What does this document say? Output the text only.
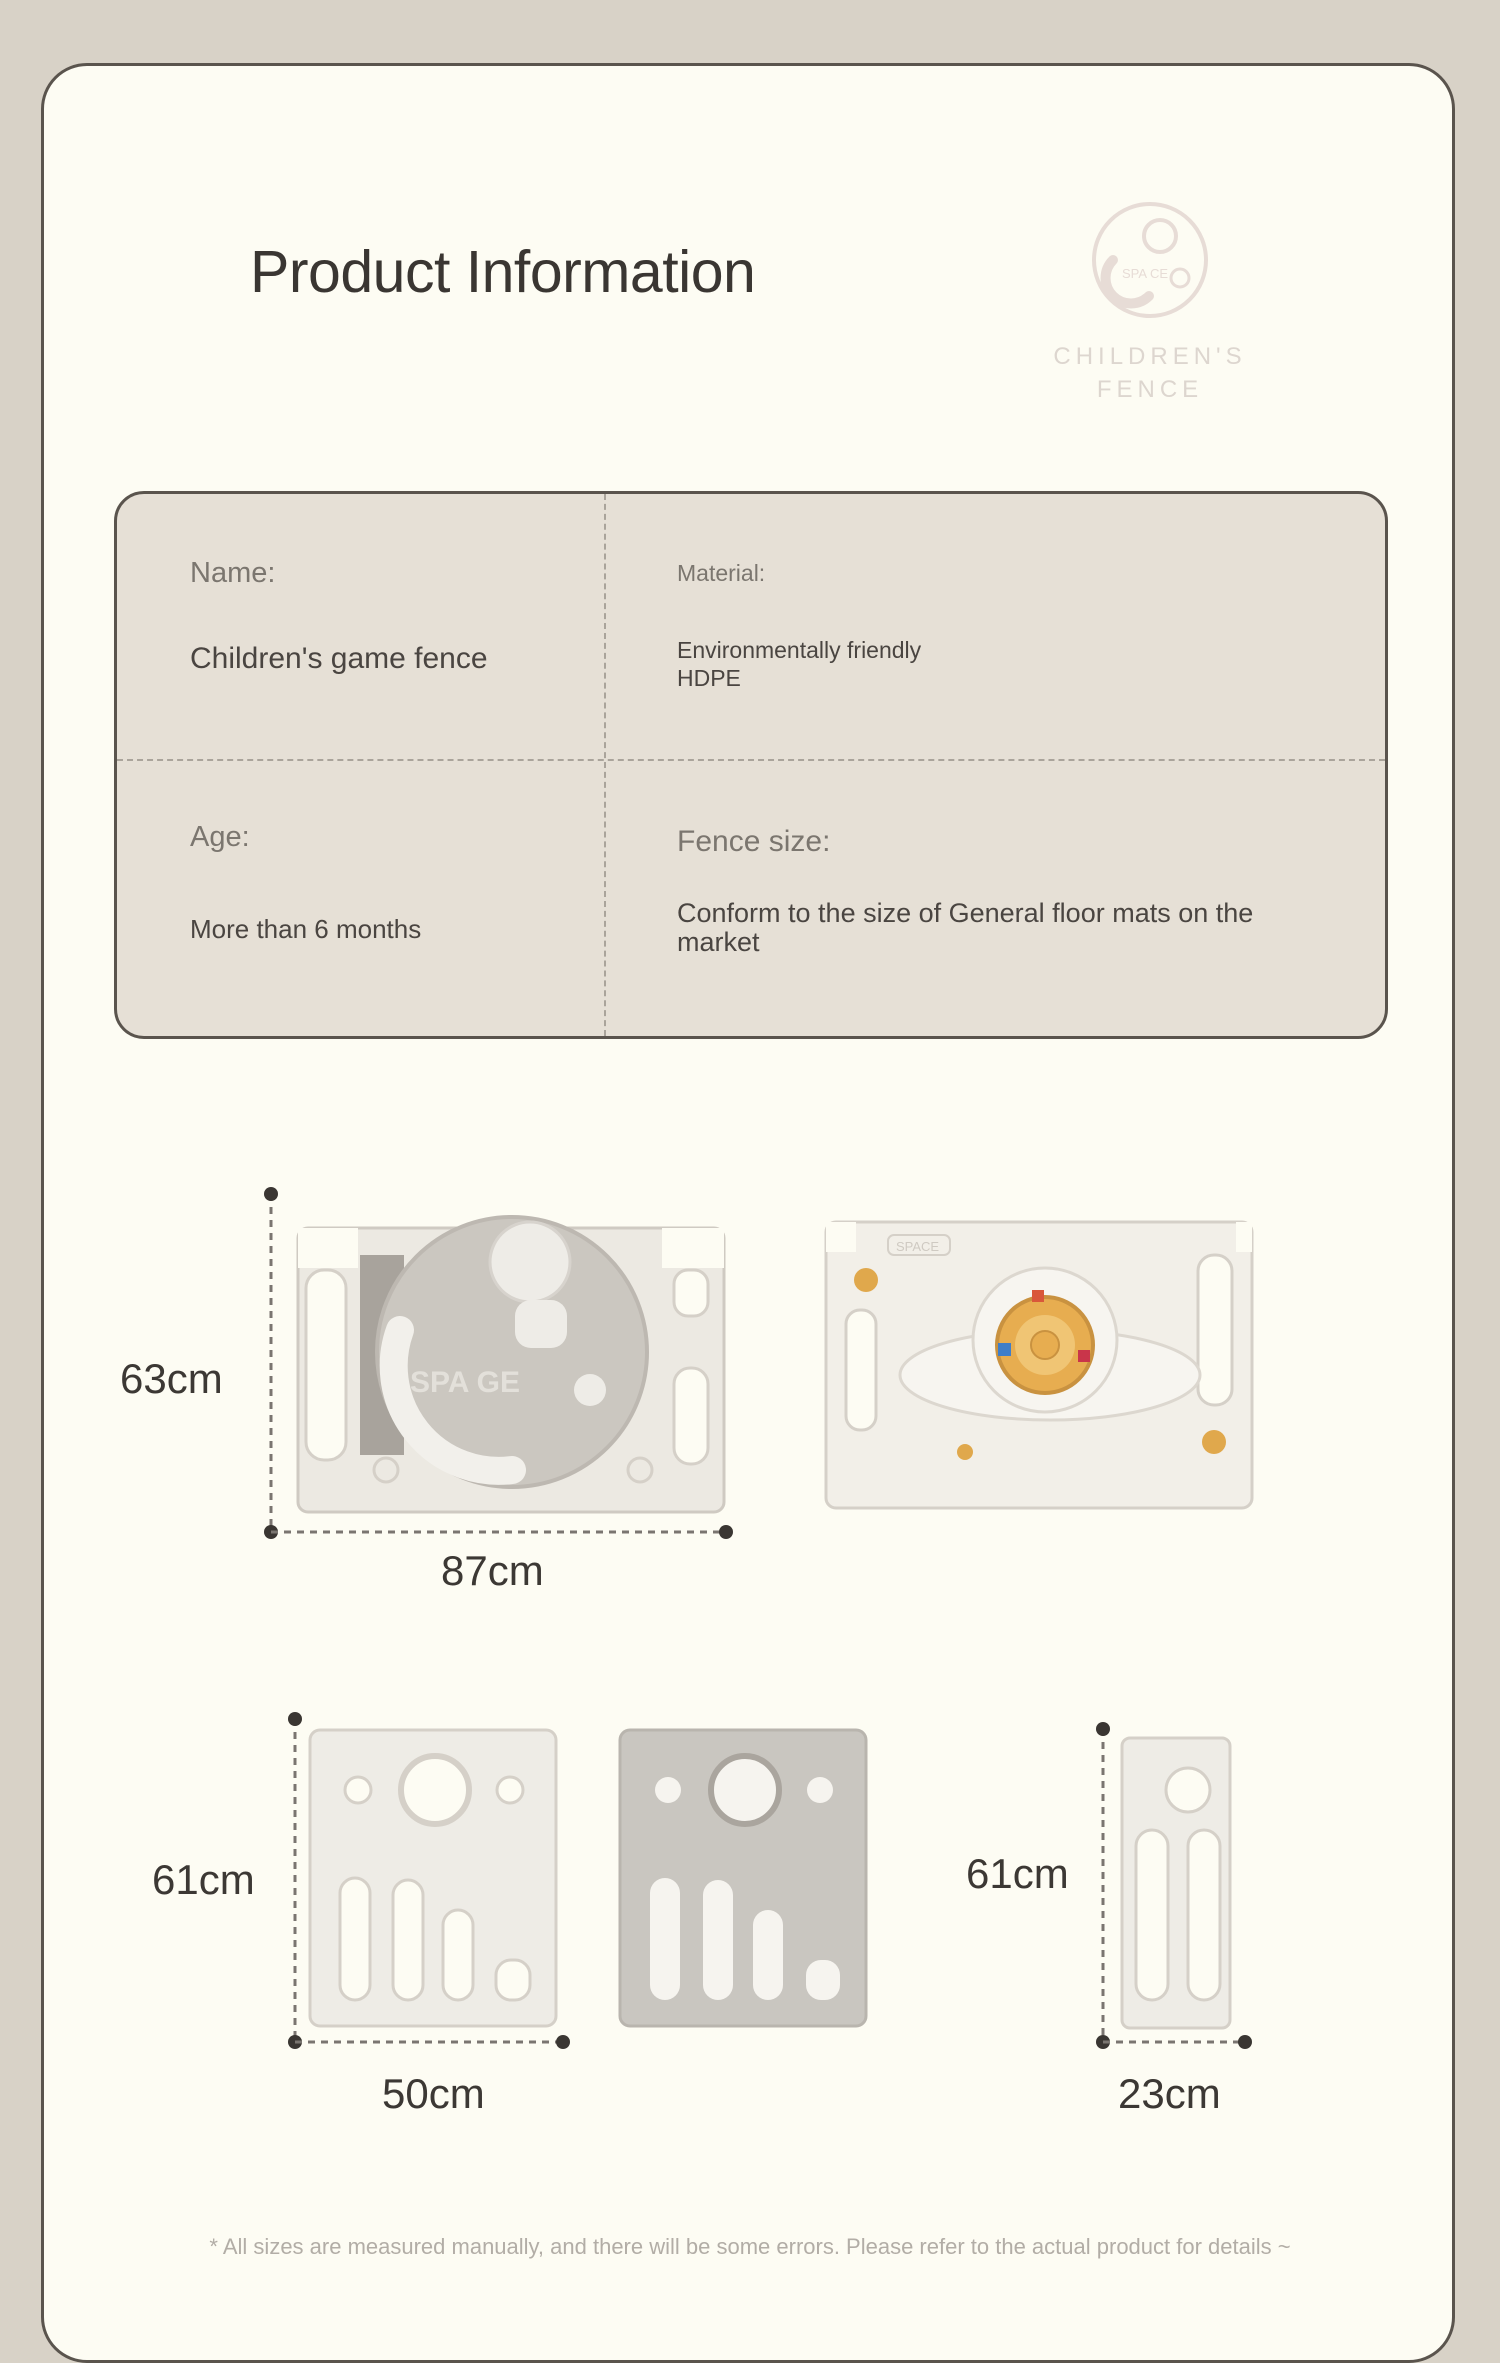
Product Information	SPA CE
CHILDREN'S FENCE
Name:
Children's game fence
Material:
Environmentally friendly HDPE
Age:
More than 6 months
Fence size:
Conform to the size of General floor mats on the market
SPA GE
SPACE
63cm
87cm
61cm
50cm
61cm
23cm
* All sizes are measured manually, and there will be some errors. Please refer to the actual product for details ~
